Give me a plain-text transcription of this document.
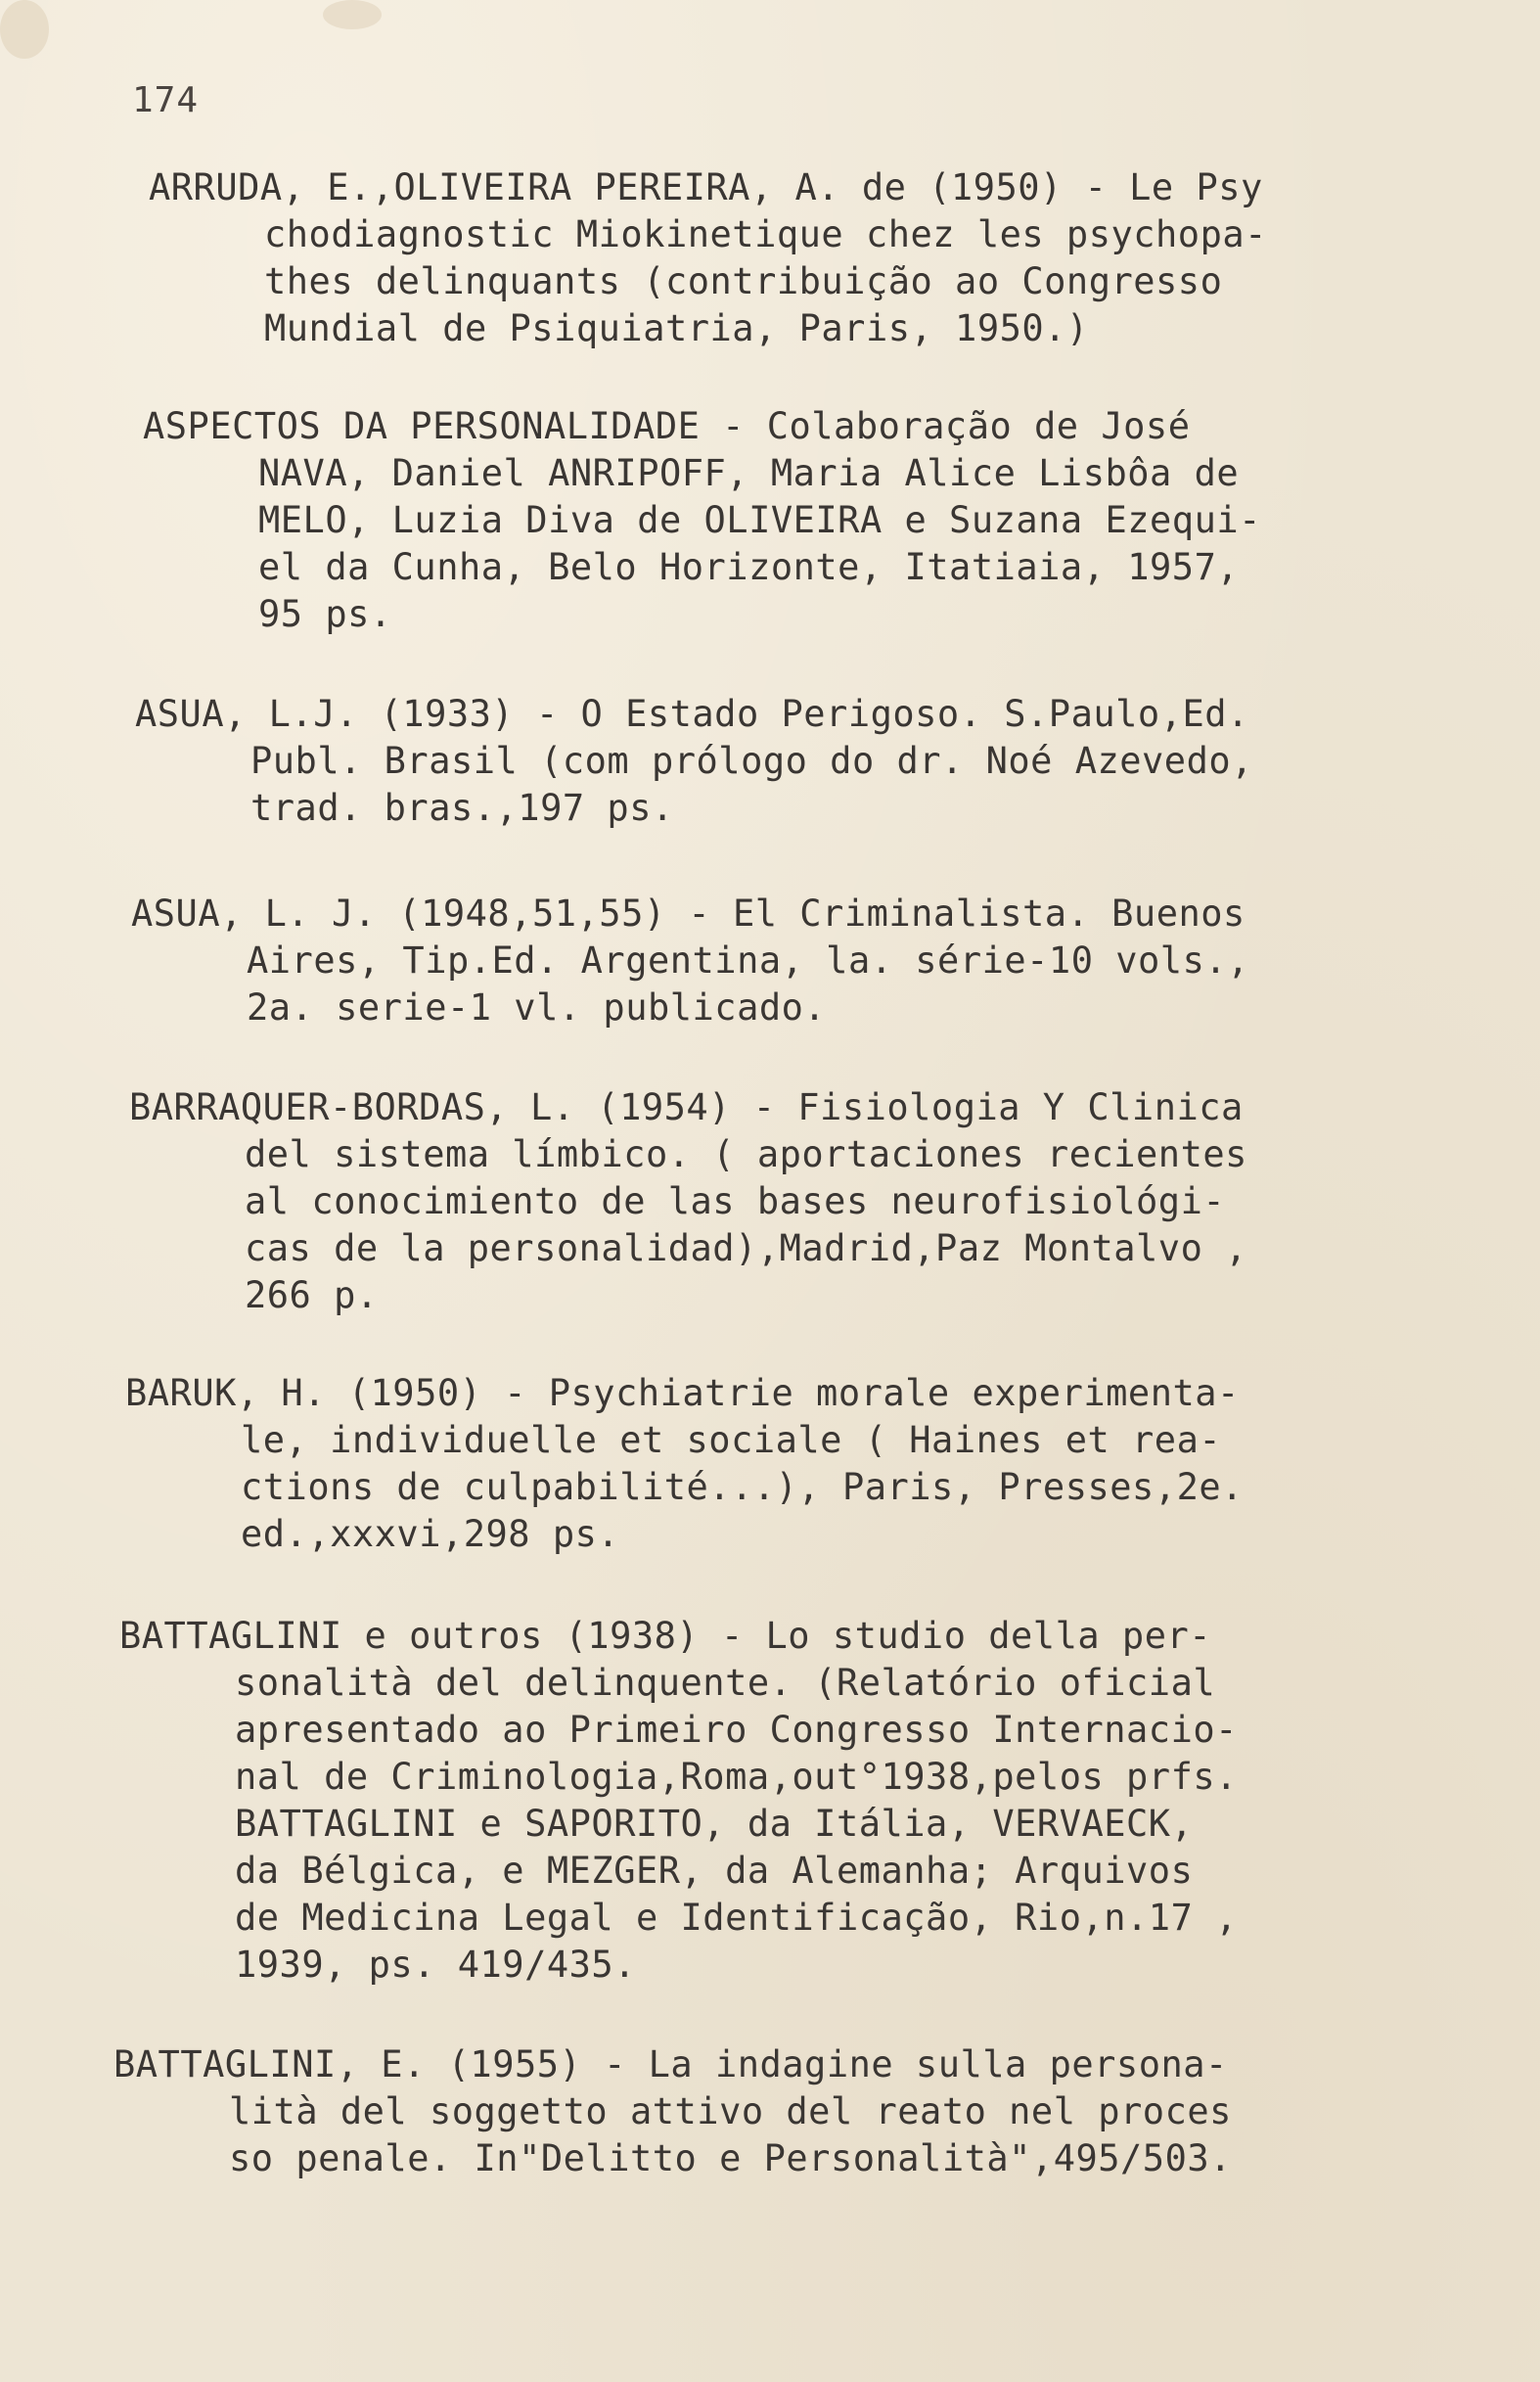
174
ARRUDA, E.,OLIVEIRA PEREIRA, A. de (1950) - Le Psy
chodiagnostic Miokinetique chez les psychopa-
thes delinquants (contribuição ao Congresso
Mundial de Psiquiatria, Paris, 1950.)
ASPECTOS DA PERSONALIDADE - Colaboração de José
NAVA, Daniel ANRIPOFF, Maria Alice Lisbôa de
MELO, Luzia Diva de OLIVEIRA e Suzana Ezequi-
el da Cunha, Belo Horizonte, Itatiaia, 1957,
95 ps.
ASUA, L.J. (1933) - O Estado Perigoso. S.Paulo,Ed.
Publ. Brasil (com prólogo do dr. Noé Azevedo,
trad. bras.,197 ps.
ASUA, L. J. (1948,51,55) - El Criminalista. Buenos
Aires, Tip.Ed. Argentina, la. série-10 vols.,
2a. serie-1 vl. publicado.
BARRAQUER-BORDAS, L. (1954) - Fisiologia Y Clinica
del sistema límbico. ( aportaciones recientes
al conocimiento de las bases neurofisiológi-
cas de la personalidad),Madrid,Paz Montalvo ,
266 p.
BARUK, H. (1950) - Psychiatrie morale experimenta-
le, individuelle et sociale ( Haines et rea-
ctions de culpabilité...), Paris, Presses,2e.
ed.,xxxvi,298 ps.
BATTAGLINI e outros (1938) - Lo studio della per-
sonalità del delinquente. (Relatório oficial
apresentado ao Primeiro Congresso Internacio-
nal de Criminologia,Roma,out°1938,pelos prfs.
BATTAGLINI e SAPORITO, da Itália, VERVAECK,
da Bélgica, e MEZGER, da Alemanha; Arquivos
de Medicina Legal e Identificação, Rio,n.17 ,
1939, ps. 419/435.
BATTAGLINI, E. (1955) - La indagine sulla persona-
lità del soggetto attivo del reato nel proces
so penale. In"Delitto e Personalità",495/503.
